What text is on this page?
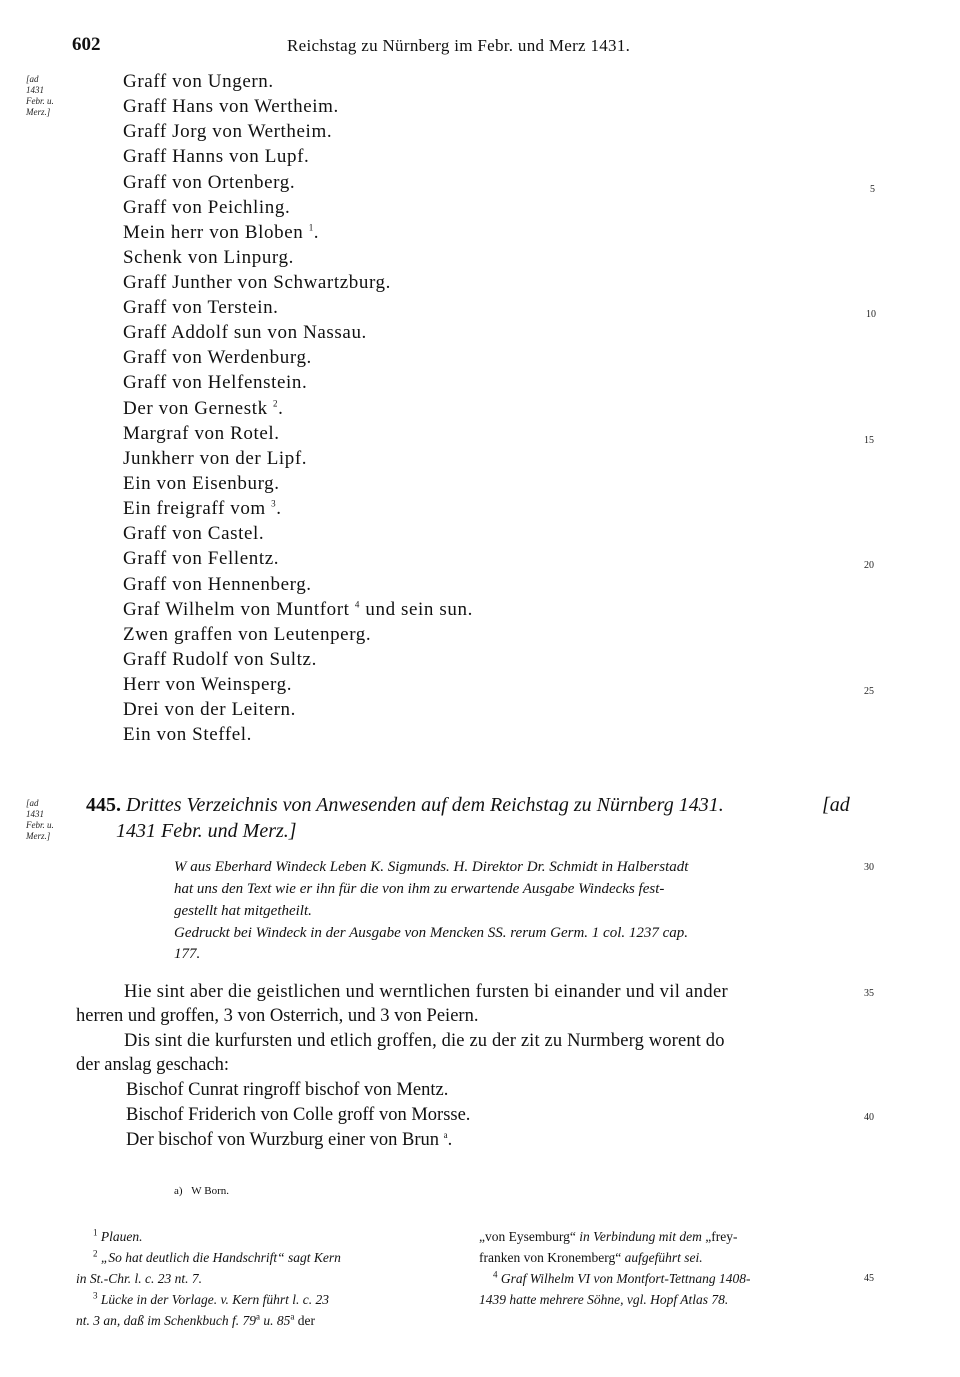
602	Reichstag zu Nürnberg im Febr. und Merz 1431.
[ad
1431
Febr. u.
Merz.]
Graff von Ungern.
Graff Hans von Wertheim.
Graff Jorg von Wertheim.
Graff Hanns von Lupf.
Graff von Ortenberg.
Graff von Peichling.
Mein herr von Bloben $^1$.
Schenk von Linpurg.
Graff Junther von Schwartzburg.
Graff von Terstein.
Graff Addolf sun von Nassau.
Graff von Werdenburg.
Graff von Helfenstein.
Der von Gernestk $^2$.
Margraf von Rotel.
Junkherr von der Lipf.
Ein von Eisenburg.
Ein freigraff vom $^3$.
Graff von Castel.
Graff von Fellentz.
Graff von Hennenberg.
Graf Wilhelm von Muntfort $^4$ und sein sun.
Zwen graffen von Leutenperg.
Graff Rudolf von Sultz.
Herr von Weinsperg.
Drei von der Leitern.
Ein von Steffel.
5
10
15
20
25
[ad
1431
Febr. u.
Merz.]
445. Drittes Verzeichnis von Anwesenden auf dem Reichstag zu Nürnberg 1431.	[ad
1431 Febr. und Merz.]
W aus Eberhard Windeck Leben K. Sigmunds. H. Direktor Dr. Schmidt in Halberstadt
hat uns den Text wie er ihn für die von ihm zu erwartende Ausgabe Windecks fest-
gestellt hat mitgetheilt.
Gedruckt bei Windeck in der Ausgabe von Mencken SS. rerum Germ. 1 col. 1237 cap.
177.
30
35
40
45
Hie sint aber die geistlichen und werntlichen fursten bi einander und vil ander
herren und groffen, 3 von Osterrich, und 3 von Peiern.
Dis sint die kurfursten und etlich groffen, die zu der zit zu Nurmberg worent do
der anslag geschach:
Bischof Cunrat ringroff bischof von Mentz.
Bischof Friderich von Colle groff von Morsse.
Der bischof von Wurzburg einer von Brun $^a$.
a) W Born.
$^1$ Plauen.
$^2$ „So hat deutlich die Handschrift“ sagt Kern
in St.-Chr. l. c. 23 nt. 7.
$^3$ Lücke in der Vorlage. v. Kern führt l. c. 23
nt. 3 an, daß im Schenkbuch f. 79$^a$ u. 85$^a$ der
„von Eysemburg“ in Verbindung mit dem „frey-
franken von Kronemberg“ aufgeführt sei.
$^4$ Graf Wilhelm VI von Montfort-Tettnang 1408-
1439 hatte mehrere Söhne, vgl. Hopf Atlas 78.
